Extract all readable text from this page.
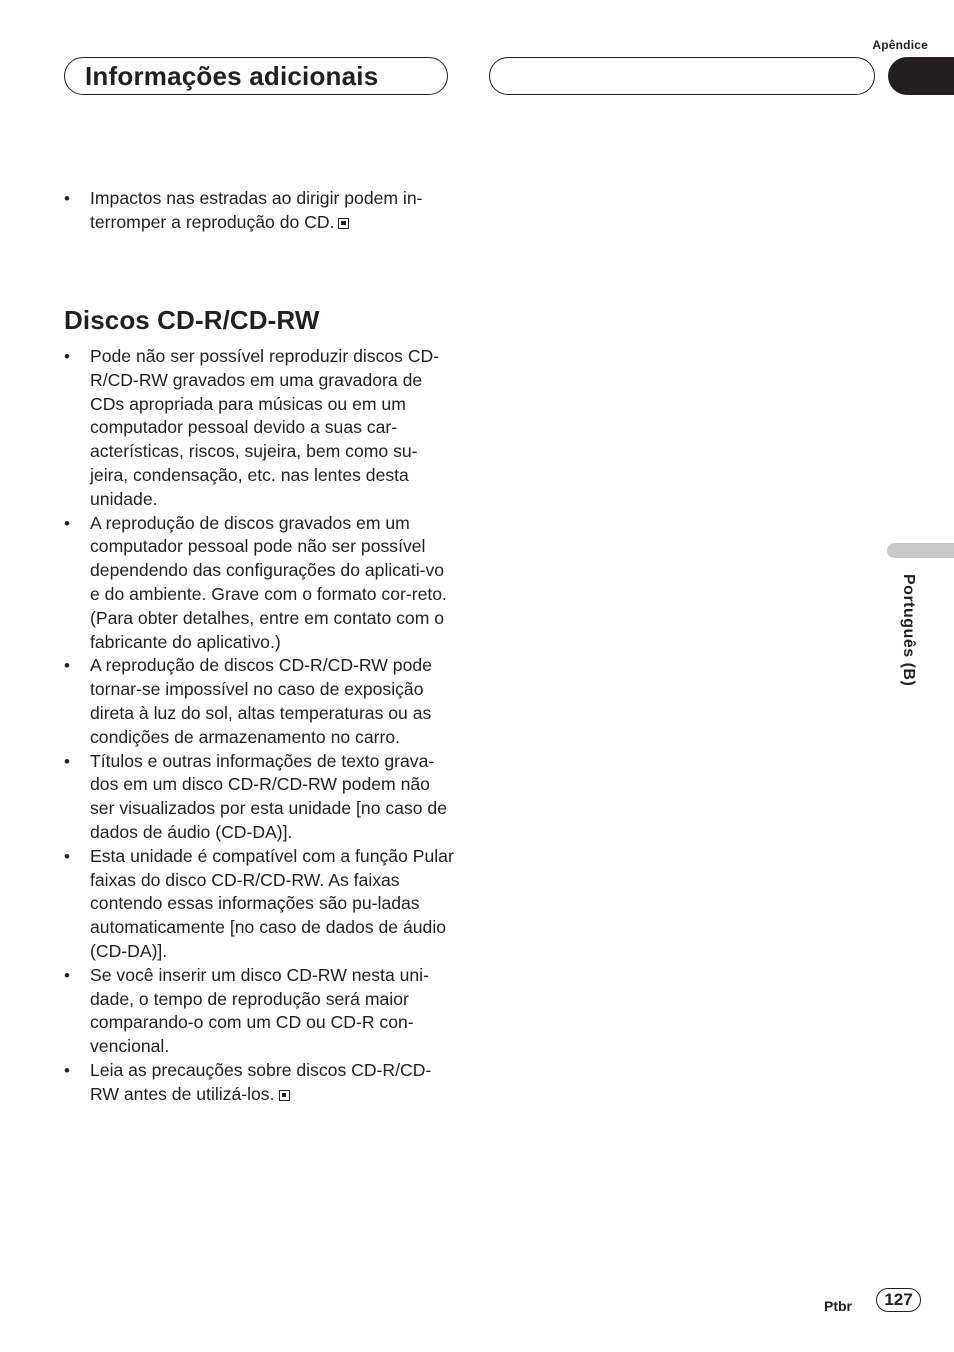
Apêndice
Informações adicionais
Português (B)
•	Impactos nas estradas ao dirigir podem in-terromper a reprodução do CD.
Discos CD-R/CD-RW
•	Pode não ser possível reproduzir discos CD-R/CD-RW gravados em uma gravadora de CDs apropriada para músicas ou em um computador pessoal devido a suas car-acterísticas, riscos, sujeira, bem como su-jeira, condensação, etc. nas lentes desta unidade.
•	A reprodução de discos gravados em um computador pessoal pode não ser possível dependendo das configurações do aplicati-vo e do ambiente. Grave com o formato cor-reto. (Para obter detalhes, entre em contato com o fabricante do aplicativo.)
•	A reprodução de discos CD-R/CD-RW pode tornar-se impossível no caso de exposição direta à luz do sol, altas temperaturas ou as condições de armazenamento no carro.
•	Títulos e outras informações de texto grava-dos em um disco CD-R/CD-RW podem não ser visualizados por esta unidade [no caso de dados de áudio (CD-DA)].
•	Esta unidade é compatível com a função Pular faixas do disco CD-R/CD-RW. As faixas contendo essas informações são pu-ladas automaticamente [no caso de dados de áudio (CD-DA)].
•	Se você inserir um disco CD-RW nesta uni-dade, o tempo de reprodução será maior comparando-o com um CD ou CD-R con-vencional.
•	Leia as precauções sobre discos CD-R/CD-RW antes de utilizá-los.
Ptbr	127
